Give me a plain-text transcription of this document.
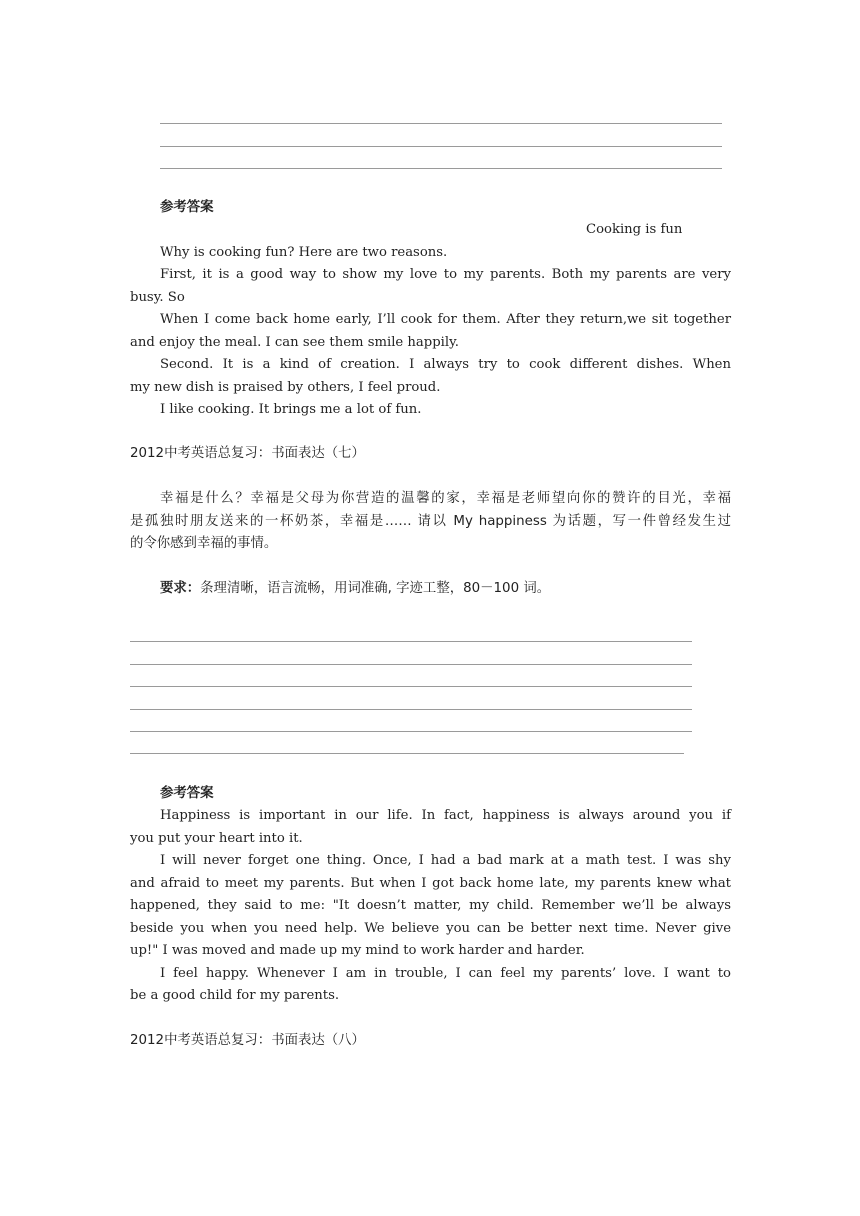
参考答案
Cooking is fun
Why is cooking fun? Here are two reasons.
First, it is a good way to show my love to my parents. Both my parents are very
busy. So
When I come back home early, I’ll cook for them. After they return,we sit together
and enjoy the meal. I can see them smile happily.
Second. It is a kind of creation. I always try to cook different dishes. When
my new dish is praised by others, I feel proud.
I like cooking. It brings me a lot of fun.
2012中考英语总复习：书面表达（七）
幸福是什么？幸福是父母为你营造的温馨的家，幸福是老师望向你的赞许的目光，幸福
是孤独时朋友送来的一杯奶茶，幸福是…… 请以 My happiness 为话题，写一件曾经发生过
的令你感到幸福的事情。
要求：条理清晰，语言流畅，用词准确, 字迹工整，80－100 词。
参考答案
Happiness is important in our life. In fact, happiness is always around you if
you put your heart into it.
I will never forget one thing. Once, I had a bad mark at a math test. I was shy
and afraid to meet my parents. But when I got back home late, my parents knew what
happened, they said to me: "It doesn’t matter, my child. Remember we’ll be always
beside you when you need help. We believe you can be better next time. Never give
up!" I was moved and made up my mind to work harder and harder.
I feel happy. Whenever I am in trouble, I can feel my parents’ love. I want to
be a good child for my parents.
2012中考英语总复习：书面表达（八）
